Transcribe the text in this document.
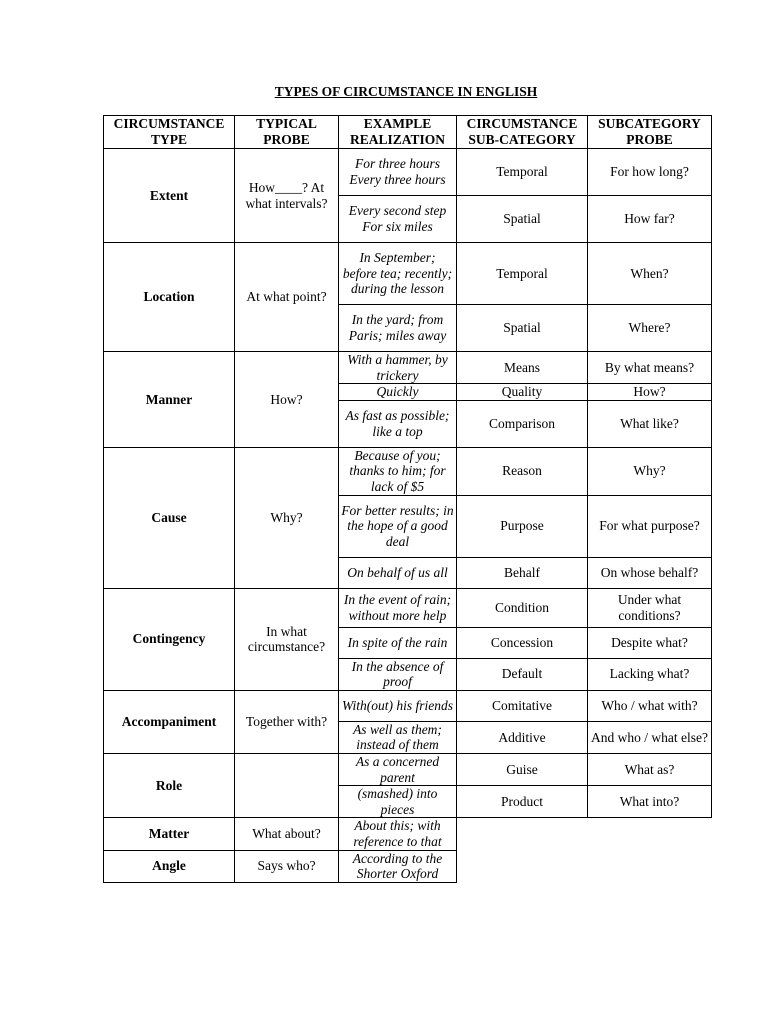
TYPES OF CIRCUMSTANCE IN ENGLISH
CIRCUMSTANCE TYPE	TYPICAL PROBE	EXAMPLE REALIZATION	CIRCUMSTANCE SUB-CATEGORY	SUBCATEGORY PROBE
Extent	How____? At what intervals?	For three hours Every three hours	Temporal	For how long?
		Every second step For six miles	Spatial	How far?
Location	At what point?	In September; before tea; recently; during the lesson	Temporal	When?
		In the yard; from Paris; miles away	Spatial	Where?
Manner	How?	With a hammer, by trickery	Means	By what means?
		Quickly	Quality	How?
		As fast as possible; like a top	Comparison	What like?
Cause	Why?	Because of you; thanks to him; for lack of $5	Reason	Why?
		For better results; in the hope of a good deal	Purpose	For what purpose?
		On behalf of us all	Behalf	On whose behalf?
Contingency	In what circumstance?	In the event of rain; without more help	Condition	Under what conditions?
		In spite of the rain	Concession	Despite what?
		In the absence of proof	Default	Lacking what?
Accompaniment	Together with?	With(out) his friends	Comitative	Who / what with?
		As well as them; instead of them	Additive	And who / what else?
Role		As a concerned parent	Guise	What as?
		(smashed) into pieces	Product	What into?
Matter	What about?	About this; with reference to that		
Angle	Says who?	According to the Shorter Oxford		
